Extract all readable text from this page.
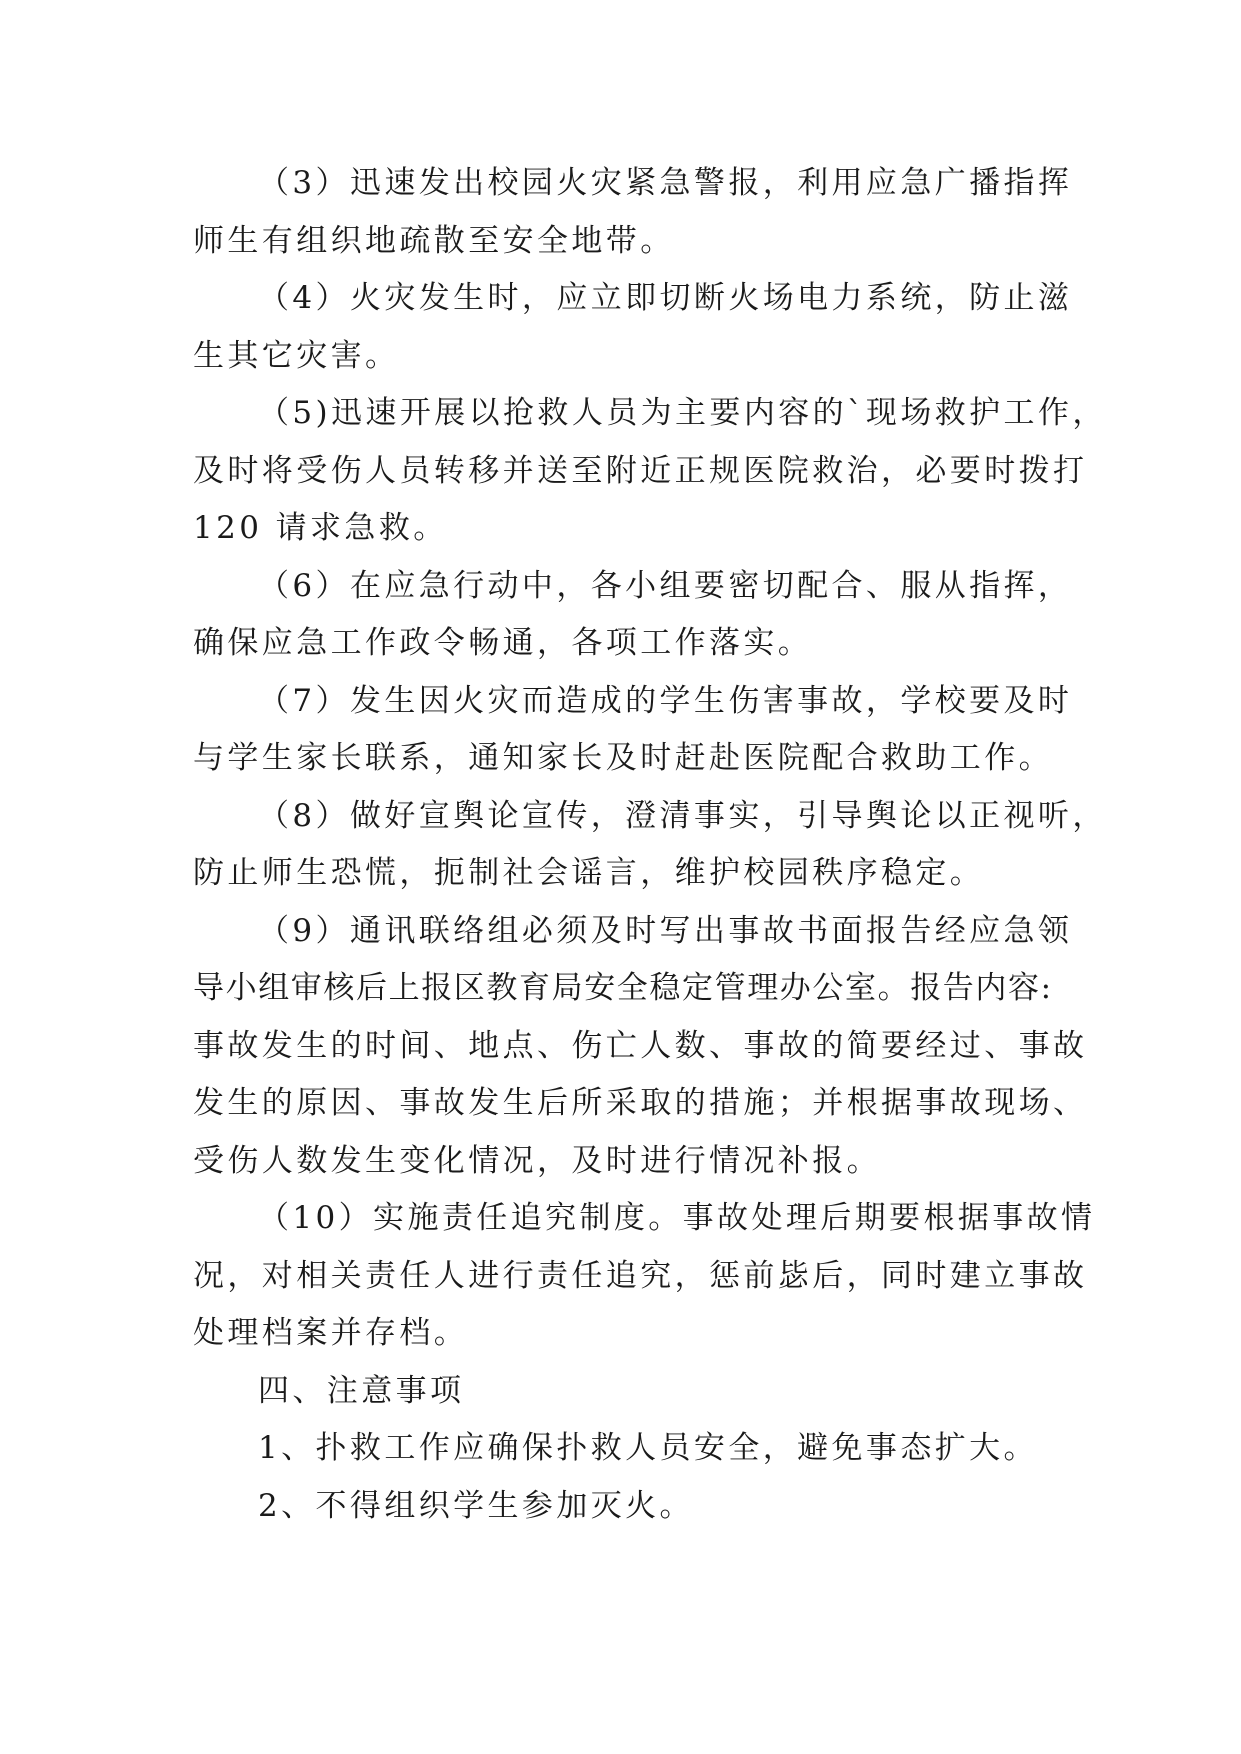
（3）迅速发出校园火灾紧急警报，利用应急广播指挥
师生有组织地疏散至安全地带。
（4）火灾发生时，应立即切断火场电力系统，防止滋
生其它灾害。
（5)迅速开展以抢救人员为主要内容的`现场救护工作，
及时将受伤人员转移并送至附近正规医院救治，必要时拨打
120 请求急救。
（6）在应急行动中，各小组要密切配合、服从指挥，
确保应急工作政令畅通，各项工作落实。
（7）发生因火灾而造成的学生伤害事故，学校要及时
与学生家长联系，通知家长及时赶赴医院配合救助工作。
（8）做好宣舆论宣传，澄清事实，引导舆论以正视听，
防止师生恐慌，扼制社会谣言，维护校园秩序稳定。
（9）通讯联络组必须及时写出事故书面报告经应急领
导小组审核后上报区教育局安全稳定管理办公室。报告内容:
事故发生的时间、地点、伤亡人数、事故的简要经过、事故
发生的原因、事故发生后所采取的措施；并根据事故现场、
受伤人数发生变化情况，及时进行情况补报。
（10）实施责任追究制度。事故处理后期要根据事故情
况，对相关责任人进行责任追究，惩前毖后，同时建立事故
处理档案并存档。
四、注意事项
1、扑救工作应确保扑救人员安全，避免事态扩大。
2、不得组织学生参加灭火。
